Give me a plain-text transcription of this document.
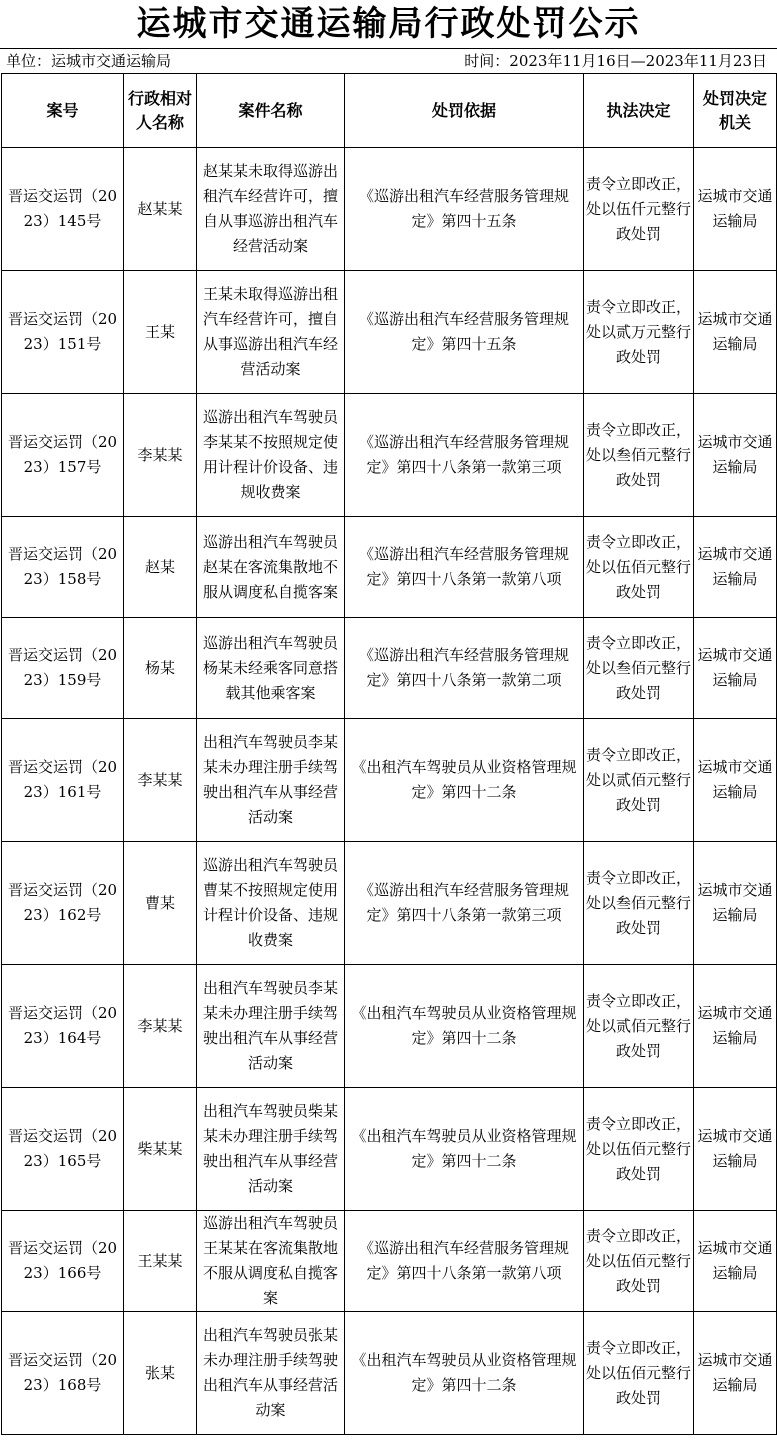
运城市交通运输局行政处罚公示
单位：运城市交通运输局	时间：2023年11月16日—2023年11月23日
案号	行政相对人名称	案件名称	处罚依据	执法决定	处罚决定机关
晋运交运罚（2023）145号	赵某某	赵某某未取得巡游出租汽车经营许可，擅自从事巡游出租汽车经营活动案	《巡游出租汽车经营服务管理规定》第四十五条	责令立即改正，处以伍仟元整行政处罚	运城市交通运输局
晋运交运罚（2023）151号	王某	王某未取得巡游出租汽车经营许可，擅自从事巡游出租汽车经营活动案	《巡游出租汽车经营服务管理规定》第四十五条	责令立即改正，处以贰万元整行政处罚	运城市交通运输局
晋运交运罚（2023）157号	李某某	巡游出租汽车驾驶员李某某不按照规定使用计程计价设备、违规收费案	《巡游出租汽车经营服务管理规定》第四十八条第一款第三项	责令立即改正，处以叁佰元整行政处罚	运城市交通运输局
晋运交运罚（2023）158号	赵某	巡游出租汽车驾驶员赵某在客流集散地不服从调度私自揽客案	《巡游出租汽车经营服务管理规定》第四十八条第一款第八项	责令立即改正，处以伍佰元整行政处罚	运城市交通运输局
晋运交运罚（2023）159号	杨某	巡游出租汽车驾驶员杨某未经乘客同意搭载其他乘客案	《巡游出租汽车经营服务管理规定》第四十八条第一款第二项	责令立即改正，处以叁佰元整行政处罚	运城市交通运输局
晋运交运罚（2023）161号	李某某	出租汽车驾驶员李某某未办理注册手续驾驶出租汽车从事经营活动案	《出租汽车驾驶员从业资格管理规定》第四十二条	责令立即改正，处以贰佰元整行政处罚	运城市交通运输局
晋运交运罚（2023）162号	曹某	巡游出租汽车驾驶员曹某不按照规定使用计程计价设备、违规收费案	《巡游出租汽车经营服务管理规定》第四十八条第一款第三项	责令立即改正，处以叁佰元整行政处罚	运城市交通运输局
晋运交运罚（2023）164号	李某某	出租汽车驾驶员李某某未办理注册手续驾驶出租汽车从事经营活动案	《出租汽车驾驶员从业资格管理规定》第四十二条	责令立即改正，处以贰佰元整行政处罚	运城市交通运输局
晋运交运罚（2023）165号	柴某某	出租汽车驾驶员柴某某未办理注册手续驾驶出租汽车从事经营活动案	《出租汽车驾驶员从业资格管理规定》第四十二条	责令立即改正，处以伍佰元整行政处罚	运城市交通运输局
晋运交运罚（2023）166号	王某某	巡游出租汽车驾驶员王某某在客流集散地不服从调度私自揽客案	《巡游出租汽车经营服务管理规定》第四十八条第一款第八项	责令立即改正，处以伍佰元整行政处罚	运城市交通运输局
晋运交运罚（2023）168号	张某	出租汽车驾驶员张某未办理注册手续驾驶出租汽车从事经营活动案	《出租汽车驾驶员从业资格管理规定》第四十二条	责令立即改正，处以伍佰元整行政处罚	运城市交通运输局
